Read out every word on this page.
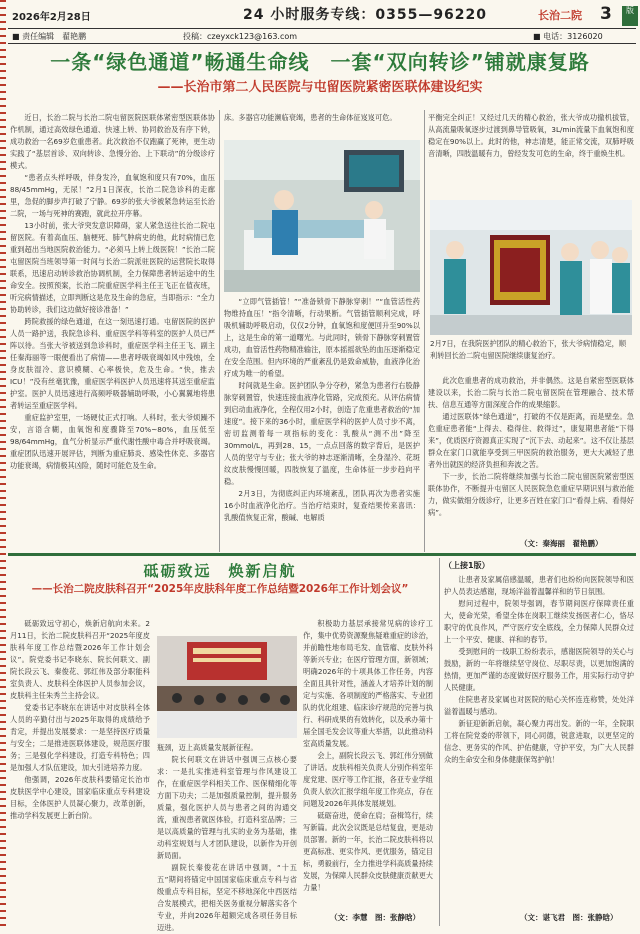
2026年2月28日	24 小时服务专线：0355—96220	长治二院 3	版
■ 责任编辑　翟艳鹏	投稿：czeyxck123@163.com	■ 电话：3126020
一条“绿色通道”畅通生命线　一套“双向转诊”铺就康复路
——长治市第二人民医院与屯留医院紧密医联体建设纪实

近日，长治二院与长治二院屯留医院医联体紧密型医联体协作机制，通过高效绿色通道、快速上转、协同救治及有序下转，成功救治一名69岁危重患者。此次救治不仅跑赢了死神，更生动实践了“基层首诊、双向转诊、急慢分治、上下联动”的分级诊疗模式。

“患者点头样呼吸，伴身发冷，血氧饱和度只有70%，血压88/45mmHg，无尿！”2月1日深夜，长治二院急诊科的走廊里，急促的脚步声打破了宁静。69岁的张大爷被紧急转运至长治二院，一场与死神的赛跑，就此拉开序幕。

13小时前，张大爷突发意识障碍，家人紧急送往长治二院屯留医院。有着高血压、脑梗死、肺气肿病史的他，此时病情已危重到超出当地医院救治能力。“必须马上转上级医院！”长治二院屯留医院当班领导第一时间与长治二院派驻医院的运营院长取得联系，迅速启动转诊救治协调机制，全力保障患者转运途中的生命安全。按照预案，长治二院重症医学科主任王飞正在值夜班，听完病情描述，立即判断这是危及生命的急症，当即指示：“全力协助转诊，我们这边做好接诊准备！”

跨院救援的绿色通道，在这一刻迅速打通。屯留医院的医护人员一路护送，我院急诊科、重症医学科等科室的医护人员已严阵以待。当张大爷被送到急诊科时，重症医学科主任王飞、副主任秦海丽等一眼便看出了病情——患者呼吸衰竭如风中残烛，全身皮肤湿冷、意识模糊、心率极快，危及生命。“快，推去ICU！”没有丝毫犹豫，重症医学科医护人员迅速将其送至重症监护室。医护人员迅速进行高频呼吸器辅助呼吸，小心翼翼地将患者转运至重症医学科。

重症监护室里，一场硬仗正式打响。人科时，张大爷烦躁不安，言语含糊，血氧饱和度骤降至70%~80%，血压低至98/64mmHg，血气分析显示严重代谢性酸中毒合并呼吸衰竭。重症团队迅速开展评估，判断为重症肺炎、感染性休克、多器官功能衰竭，病情极其凶险，随时可能危及生命。

床。多器官功能濒临衰竭，患者的生命体征岌岌可危。

“立即气管插管！”“准备锁骨下静脉穿刺！”“血管活性药物维持血压！”指令清晰，行动果断。气管插管顺利完成，呼吸机辅助呼吸启动，仅仅2分钟，血氧饱和度便回升至90%以上，这是生命的第一道曙光。与此同时，锁骨下静脉穿刺置管成功，血管活性药物精准输注，原本摇摇欲坠的血压逐渐稳定在安全范围。但内环境的严重紊乱仍是致命威胁，血液净化治疗成为唯一的希望。

时间就是生命。医护团队争分夺秒，紧急为患者行右股静脉穿刺置管，快速连接血液净化管路，完成预充。从评估病情到启动血液净化，全程仅用2小时，创造了危重患者救治的“加速度”。接下来的36小时，重症医学科的医护人员寸步不离，密切监测着每一项指标的变化：乳酸从“测不出”降至30mmol/L，再到28、15，一点点回落的数字背后，是医护人员的坚守与专业；张大爷的神志逐渐清晰，全身湿冷、花斑纹皮肤慢慢回暖，四肢恢复了温度，生命体征一步步趋向平稳。

2月3日，为彻底纠正内环境紊乱，团队再次为患者实施16小时血液净化治疗。当治疗结束时，复查结果传来喜讯：乳酸值恢复正常，酸碱、电解质

平衡完全纠正！又经过几天的精心救治，张大爷成功撤机拔管，从高流量吸氧逐步过渡到鼻导管吸氧，3L/min流量下血氧饱和度稳定在90%以上。此时的他，神志清楚，能正常交流，双肺呼吸音清晰，四肢温暖有力，曾经发发可危的生命，终于重焕生机。

2月7日，在我院医护团队的精心救治下，张大爷病情稳定，顺利转回长治二院屯留医院继续康复治疗。

此次危重患者的成功救治，并非偶然。这是自紧密型医联体建设以来，长治二院与长治二院屯留医院在管理融合、技术帮扶、信息互通等方面深度合作的成果缩影。

通过医联体“绿色通道”，打破的不仅是距离，而是壁垒。急危重症患者能“上得去、稳得住、救得过”，康复期患者能“下得来”，优质医疗资源真正实现了“沉下去、动起来”。这不仅让基层群众在家门口就能享受到三甲医院的救治服务，更大大减轻了患者外出就医的经济负担和奔波之苦。

下一步，长治二院将继续加强与长治二院屯留医院紧密型医联体协作，不断提升屯留区人民医院急危重症早期识别与救治能力，做实做细分级诊疗，让更多百姓在家门口“看得上病、看得好病”。

（文：秦海丽　翟艳鹏）
砥砺致远　焕新启航
——长治二院皮肤科召开“2025年皮肤科年度工作总结暨2026年工作计划会议”

砥砺致远守初心，焕新启航向未来。2月11日，长治二院皮肤科召开“2025年度皮肤科年度工作总结暨2026年工作计划会议”。院党委书记李晓东、院长何联文、副院长段云飞、秦俊花、郭红伟及部分职能科室负责人、皮肤科全体医护人员参加会议，皮肤科主任朱秀兰主持会议。

党委书记李晓东在讲话中对皮肤科全体人员的辛勤付出与2025年取得的成绩给予肯定，并提出发展要求：一是坚持医疗质量与安全；二是推进医联体建设，规范医疗服务；三是强化学科建设，打造专科特色；四是加强人才队伍建设，加大引进培养力度。

他强调，2026年皮肤科要锚定长治市皮肤医学中心建设，国家临床重点专科建设目标，全体医护人员凝心聚力，改革创新，推动学科发展更上新台阶。

瓶颈，迈上高质量发展新征程。

院长何联文在讲话中强调三点核心要求：一是扎实推进科室管理与作风建设工作，在重症医学科相关工作、医保精细化等方面下功夫；二是加强质量控制，提升服务质量，强化医护人员与患者之间的沟通交流，重视患者就医体验，打造科室品牌；三是以高质量的管理与扎实的业务为基础，推动科室规划与人才团队建设，以新作为开创新局面。

副院长秦俊花在讲话中强调，“十五五”期间将锚定中国国家临床重点专科与省级重点专科目标，坚定不移地深化中西医结合发展模式，把相关医务重视分解落实各个专业，并向2026年超额完成各项任务目标迈进。

积极助力基层承接常见病的诊疗工作，集中优势资源聚焦疑难重症的诊治，并前瞻性地布局毛发、血管瘤、皮肤外科等新兴专业；在医疗管理方面，新领域；明确2026年的十项具体工作任务，内容全面且具针对性，涵盖人才培养计划的制定与实施、各项制度的严格落实、专业团队的优化组建、临床诊疗规范的完善与执行、科研成果的有效转化，以及承办第十届全国毛发会议等重大举措，以此推动科室高质量发展。

会上，副院长段云飞、郭红伟分别做了讲话。皮肤科相关负责人分别作科室年度党建、医疗等工作汇报，各亚专业学组负责人依次汇报学组年度工作亮点，存在问题及2026年具体发展规划。

砥砺奋进，使命在肩；奋楫笃行，续写新篇。此次会议既是总结复盘，更是动员部署。新的一年，长治二院皮肤科将以更高标准、更实作风、更优服务，锚定目标，勇毅前行，全力推进学科高质量持续发展，为保障人民群众皮肤健康贡献更大力量！

（文：李慧　图：张静晗）
（上接1版）

让患者及家属倍感温暖，患者们也纷纷向医院领导和医护人员表达感谢，现场洋溢着温馨祥和的节日氛围。

慰问过程中，院领导强调，春节期间医疗保障责任重大，使命光荣，希望全体在岗职工继续发扬医者仁心，恪尽职守的优良作风，严守医疗安全底线，全力保障人民群众过上一个平安、健康、祥和的春节。

受到慰问的一线职工纷纷表示，感谢医院领导的关心与鼓励，新的一年将继续坚守岗位、尽职尽责，以更加饱满的热情，更加严谨的态度做好医疗服务工作，用实际行动守护人民健康。

住院患者及家属也对医院的贴心关怀连连称赞，处处洋溢着温暖与感动。

新征迎新新启航，凝心聚力再出发。新的一年，全院职工将在院党委的带领下，同心同德，锐意进取，以更坚定的信念、更务实的作风、护佑健康，守护平安，为广大人民群众的生命安全和身体健康保驾护航！

（文：谌飞君　图：张静晗）
